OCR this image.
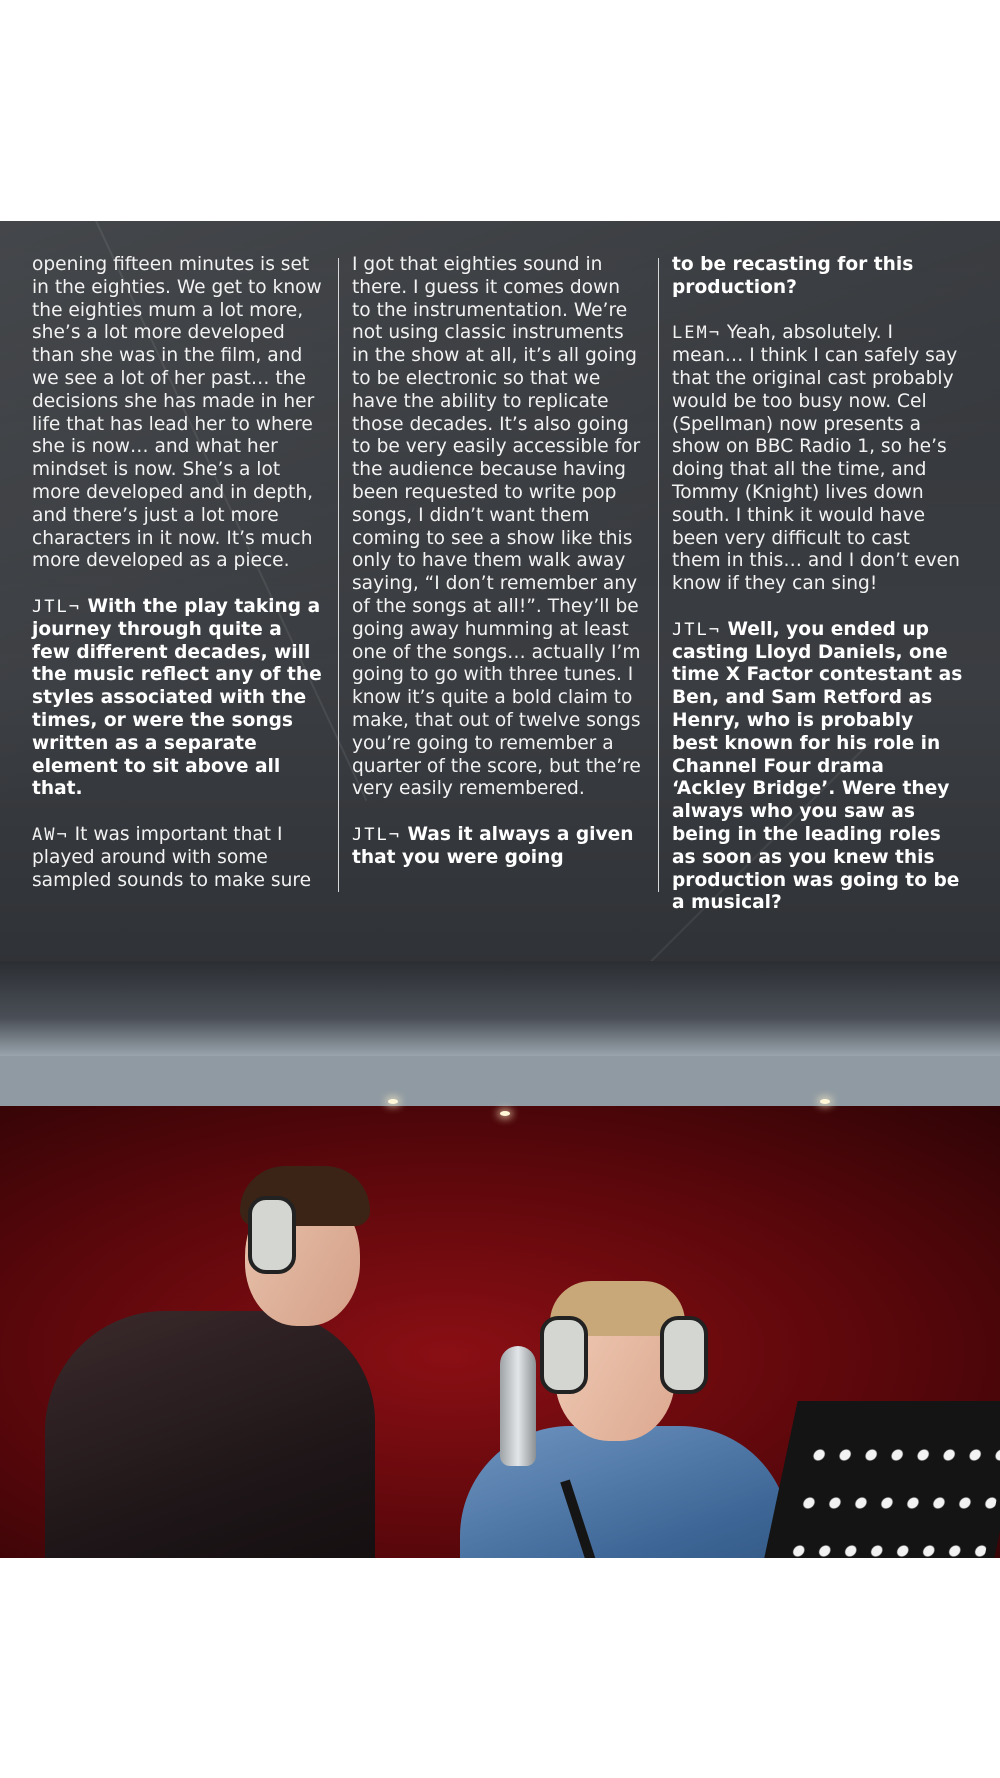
opening fifteen minutes is set in the eighties. We get to know the eighties mum a lot more, she’s a lot more developed than she was in the film, and we see a lot of her past… the decisions she has made in her life that has lead her to where she is now… and what her mindset is now. She’s a lot more developed and in depth, and there’s just a lot more characters in it now. It’s much more developed as a piece.

JTL¬ With the play taking a journey through quite a few different decades, will the music reflect any of the styles associated with the times, or were the songs written as a separate element to sit above all that.

AW¬ It was important that I played around with some sampled sounds to make sure

I got that eighties sound in there. I guess it comes down to the instrumentation. We’re not using classic instruments in the show at all, it’s all going to be electronic so that we have the ability to replicate those decades. It’s also going to be very easily accessible for the audience because having been requested to write pop songs, I didn’t want them coming to see a show like this only to have them walk away saying, “I don’t remember any of the songs at all!”. They’ll be going away humming at least one of the songs… actually I’m going to go with three tunes. I know it’s quite a bold claim to make, that out of twelve songs you’re going to remember a quarter of the score, but the’re very easily remembered.

JTL¬ Was it always a given that you were going

to be recasting for this production?

LEM¬ Yeah, absolutely. I mean… I think I can safely say that the original cast probably would be too busy now. Cel (Spellman) now presents a show on BBC Radio 1, so he’s doing that all the time, and Tommy (Knight) lives down south. I think it would have been very difficult to cast them in this… and I don’t even know if they can sing!

JTL¬ Well, you ended up casting Lloyd Daniels, one time X Factor contestant as Ben, and Sam Retford as Henry, who is probably best known for his role in Channel Four drama ‘Ackley Bridge’. Were they always who you saw as being in the leading roles as soon as you knew this production was going to be a musical?
